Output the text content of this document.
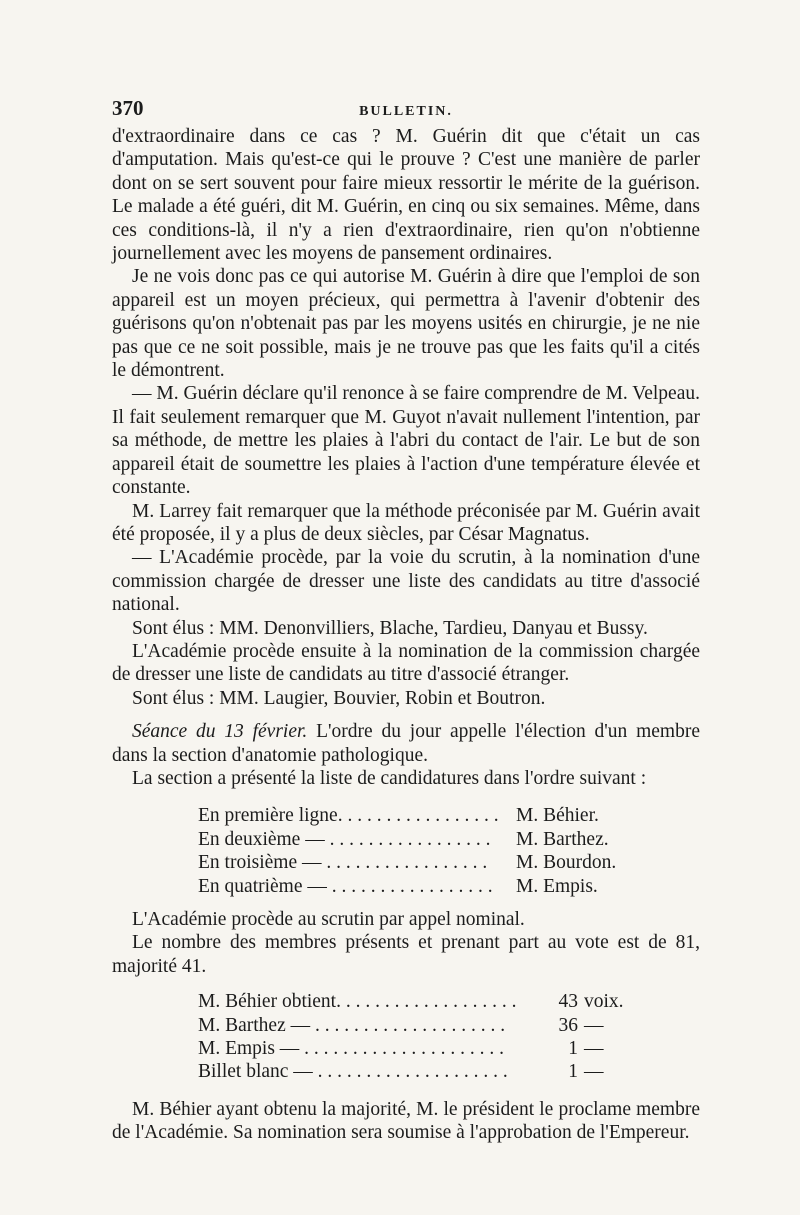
370	BULLETIN.

d'extraordinaire dans ce cas ? M. Guérin dit que c'était un cas d'amputation. Mais qu'est-ce qui le prouve ? C'est une manière de parler dont on se sert souvent pour faire mieux ressortir le mérite de la guérison. Le malade a été guéri, dit M. Guérin, en cinq ou six semaines. Même, dans ces conditions-là, il n'y a rien d'extraordinaire, rien qu'on n'obtienne journellement avec les moyens de pansement ordinaires.

Je ne vois donc pas ce qui autorise M. Guérin à dire que l'emploi de son appareil est un moyen précieux, qui permettra à l'avenir d'obtenir des guérisons qu'on n'obtenait pas par les moyens usités en chirurgie, je ne nie pas que ce ne soit possible, mais je ne trouve pas que les faits qu'il a cités le démontrent.

— M. Guérin déclare qu'il renonce à se faire comprendre de M. Velpeau. Il fait seulement remarquer que M. Guyot n'avait nullement l'intention, par sa méthode, de mettre les plaies à l'abri du contact de l'air. Le but de son appareil était de soumettre les plaies à l'action d'une température élevée et constante.

M. Larrey fait remarquer que la méthode préconisée par M. Guérin avait été proposée, il y a plus de deux siècles, par César Magnatus.

— L'Académie procède, par la voie du scrutin, à la nomination d'une commission chargée de dresser une liste des candidats au titre d'associé national.

Sont élus : MM. Denonvilliers, Blache, Tardieu, Danyau et Bussy.

L'Académie procède ensuite à la nomination de la commission chargée de dresser une liste de candidats au titre d'associé étranger.

Sont élus : MM. Laugier, Bouvier, Robin et Boutron.

Séance du 13 février. L'ordre du jour appelle l'élection d'un membre dans la section d'anatomie pathologique.

La section a présenté la liste de candidatures dans l'ordre suivant :

En première ligne. . . . . . . . . . . . . . . . . M. Béhier.
En deuxième — . . . . . . . . . . . . . . . . .	M. Barthez.
En troisième — . . . . . . . . . . . . . . . . .	M. Bourdon.
En quatrième — . . . . . . . . . . . . . . . . .	M. Empis.

L'Académie procède au scrutin par appel nominal.

Le nombre des membres présents et prenant part au vote est de 81, majorité 41.

M. Béhier obtient. . . . . . . . . . . . . . . . . . .	43 voix.
M. Barthez — . . . . . . . . . . . . . . . . . . . .	36 —
M. Empis — . . . . . . . . . . . . . . . . . . . . .	1 —
Billet blanc — . . . . . . . . . . . . . . . . . . . .	1 —

M. Béhier ayant obtenu la majorité, M. le président le proclame membre de l'Académie. Sa nomination sera soumise à l'approbation de l'Empereur.
